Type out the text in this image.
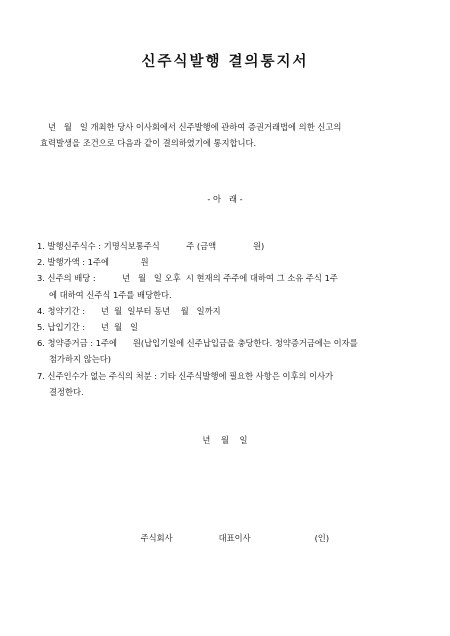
신주식발행 결의통지서
년   월   일 개최한 당사 이사회에서 신주발행에 관하여 증권거래법에 의한 신고의
효력발생을 조건으로 다음과 같이 결의하였기에 통지합니다.
- 아   래 -
1. 발행신주식수 : 기명식보통주식          주 (금액              원)
2. 발행가액 : 1주에            원
3. 신주의 배당 :          년   월   일 오후  시 현재의 주주에 대하여 그 소유 주식 1주
에 대하여 신주식 1주를 배당한다.
4. 청약기간 :      년  월  일부터 동년    월   일까지
5. 납입기간 :      년  월   일
6. 청약증거금 : 1주에      원(납입기일에 신주납입금을 충당한다. 청약증거금에는 이자를
첨가하지 않는다)
7. 신주인수가 없는 주식의 처분 : 기타 신주식발행에 필요한 사항은 이후의 이사가
결정한다.
년    월    일

주식회사	대표이사	(인)
